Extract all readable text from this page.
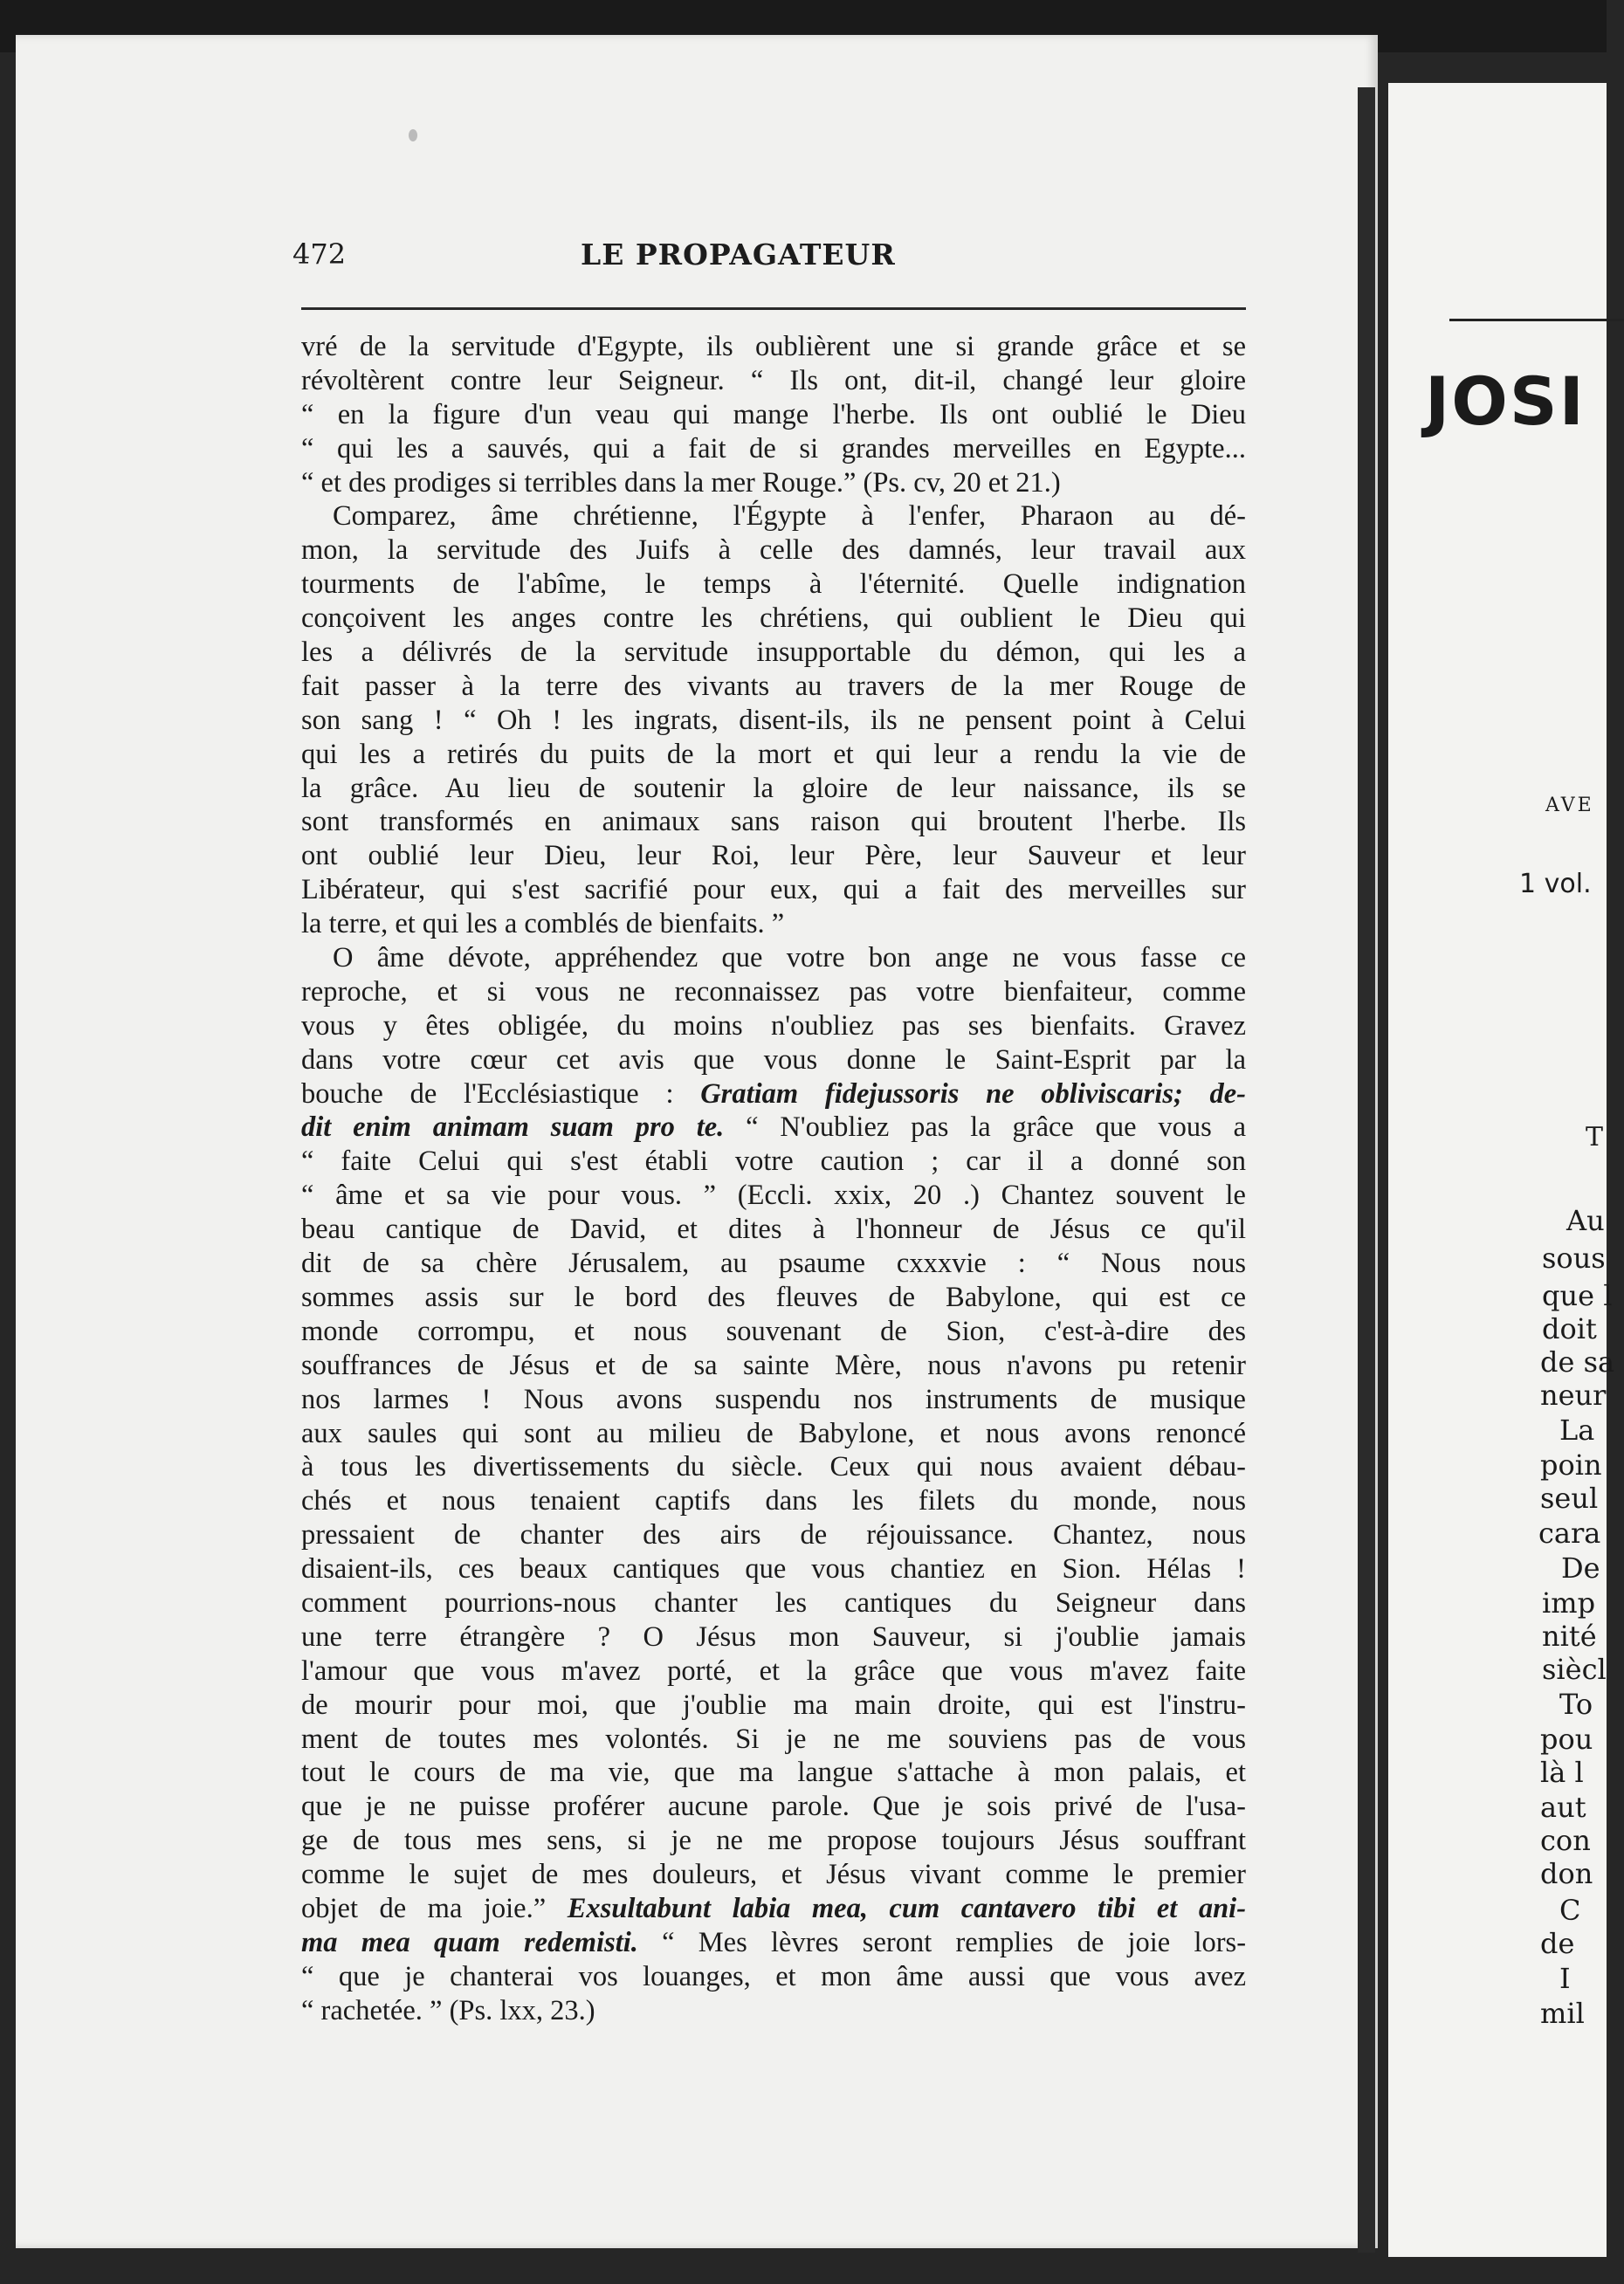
472	LE PROPAGATEUR
vré de la servitude d'Egypte, ils oublièrent une si grande grâce et se
révoltèrent contre leur Seigneur. “ Ils ont, dit-il, changé leur gloire
“ en la figure d'un veau qui mange l'herbe. Ils ont oublié le Dieu
“ qui les a sauvés, qui a fait de si grandes merveilles en Egypte...
“ et des prodiges si terribles dans la mer Rouge.” (Ps. cv, 20 et 21.)
Comparez, âme chrétienne, l'Égypte à l'enfer, Pharaon au dé-
mon, la servitude des Juifs à celle des damnés, leur travail aux
tourments de l'abîme, le temps à l'éternité. Quelle indignation
conçoivent les anges contre les chrétiens, qui oublient le Dieu qui
les a délivrés de la servitude insupportable du démon, qui les a
fait passer à la terre des vivants au travers de la mer Rouge de
son sang ! “ Oh ! les ingrats, disent-ils, ils ne pensent point à Celui
qui les a retirés du puits de la mort et qui leur a rendu la vie de
la grâce. Au lieu de soutenir la gloire de leur naissance, ils se
sont transformés en animaux sans raison qui broutent l'herbe. Ils
ont oublié leur Dieu, leur Roi, leur Père, leur Sauveur et leur
Libérateur, qui s'est sacrifié pour eux, qui a fait des merveilles sur
la terre, et qui les a comblés de bienfaits. ”
O âme dévote, appréhendez que votre bon ange ne vous fasse ce
reproche, et si vous ne reconnaissez pas votre bienfaiteur, comme
vous y êtes obligée, du moins n'oubliez pas ses bienfaits. Gravez
dans votre cœur cet avis que vous donne le Saint-Esprit par la
bouche de l'Ecclésiastique : Gratiam fidejussoris ne obliviscaris; de-
dit enim animam suam pro te. “ N'oubliez pas la grâce que vous a
“ faite Celui qui s'est établi votre caution ; car il a donné son
“ âme et sa vie pour vous. ” (Eccli. xxix, 20 .) Chantez souvent le
beau cantique de David, et dites à l'honneur de Jésus ce qu'il
dit de sa chère Jérusalem, au psaume cxxxvie : “ Nous nous
sommes assis sur le bord des fleuves de Babylone, qui est ce
monde corrompu, et nous souvenant de Sion, c'est-à-dire des
souffrances de Jésus et de sa sainte Mère, nous n'avons pu retenir
nos larmes ! Nous avons suspendu nos instruments de musique
aux saules qui sont au milieu de Babylone, et nous avons renoncé
à tous les divertissements du siècle. Ceux qui nous avaient débau-
chés et nous tenaient captifs dans les filets du monde, nous
pressaient de chanter des airs de réjouissance. Chantez, nous
disaient-ils, ces beaux cantiques que vous chantiez en Sion. Hélas !
comment pourrions-nous chanter les cantiques du Seigneur dans
une terre étrangère ? O Jésus mon Sauveur, si j'oublie jamais
l'amour que vous m'avez porté, et la grâce que vous m'avez faite
de mourir pour moi, que j'oublie ma main droite, qui est l'instru-
ment de toutes mes volontés. Si je ne me souviens pas de vous
tout le cours de ma vie, que ma langue s'attache à mon palais, et
que je ne puisse proférer aucune parole. Que je sois privé de l'usa-
ge de tous mes sens, si je ne me propose toujours Jésus souffrant
comme le sujet de mes douleurs, et Jésus vivant comme le premier
objet de ma joie.” Exsultabunt labia mea, cum cantavero tibi et ani-
ma mea quam redemisti. “ Mes lèvres seront remplies de joie lors-
“ que je chanterai vos louanges, et mon âme aussi que vous avez
“ rachetée. ” (Ps. lxx, 23.)
JOSI
AVE
1 vol.
T
Au
sous
que l
doit
de sa
neur
La
poin
seul
cara
De
imp
nité
siècl
To
pou
là l
aut
con
don
C
de
I
mil
